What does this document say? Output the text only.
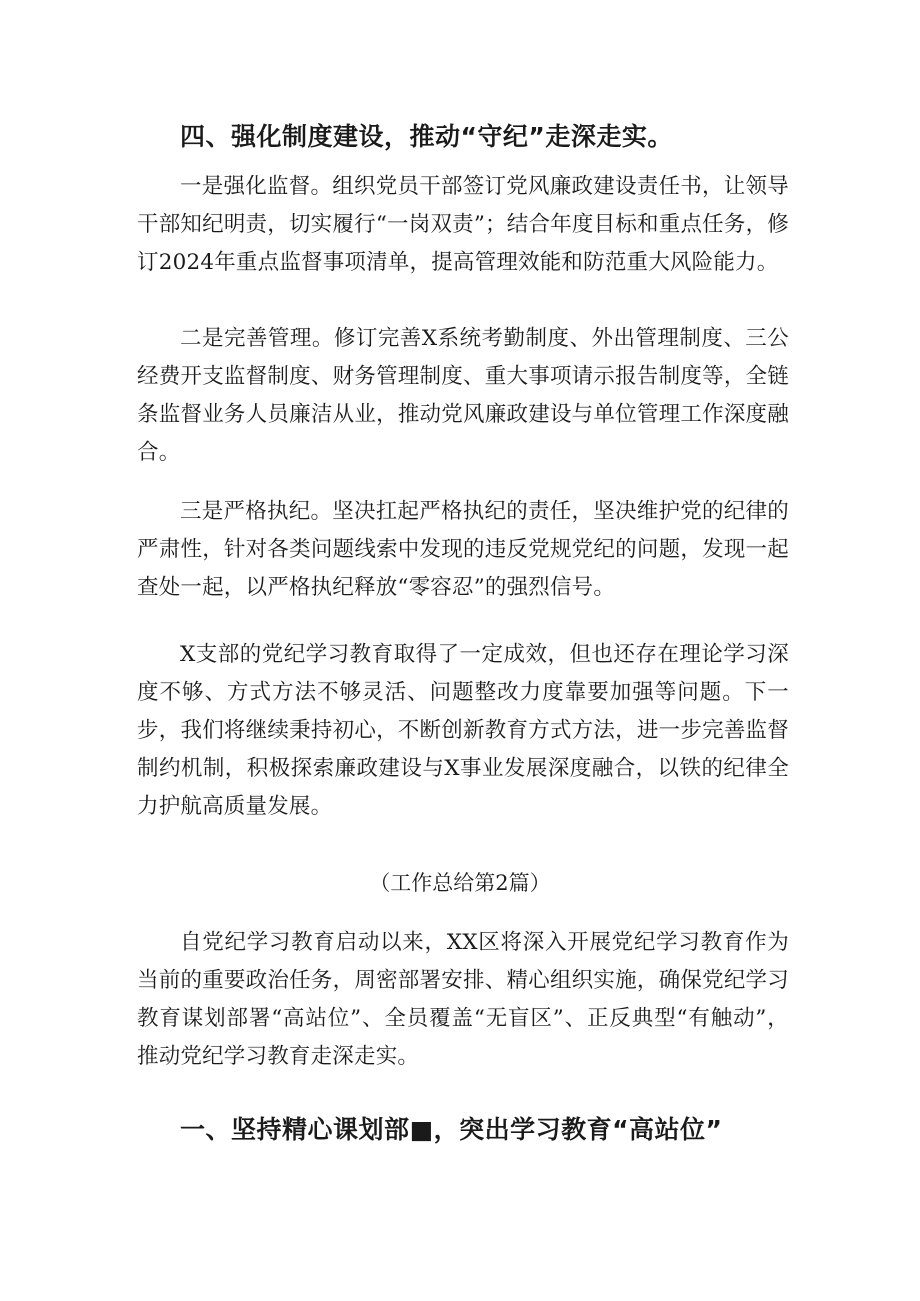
四、强化制度建设，推动“守纪”走深走实。

一是强化监督。组织党员干部签订党风廉政建设责任书，让领导干部知纪明责，切实履行“一岗双责”；结合年度目标和重点任务，修订2024年重点监督事项清单，提高管理效能和防范重大风险能力。

二是完善管理。修订完善X系统考勤制度、外出管理制度、三公经费开支监督制度、财务管理制度、重大事项请示报告制度等，全链条监督业务人员廉洁从业，推动党风廉政建设与单位管理工作深度融合。

三是严格执纪。坚决扛起严格执纪的责任，坚决维护党的纪律的严肃性，针对各类问题线索中发现的违反党规党纪的问题，发现一起查处一起，以严格执纪释放“零容忍”的强烈信号。

X支部的党纪学习教育取得了一定成效，但也还存在理论学习深度不够、方式方法不够灵活、问题整改力度靠要加强等问题。下一步，我们将继续秉持初心，不断创新教育方式方法，进一步完善监督制约机制，积极探索廉政建设与X事业发展深度融合，以铁的纪律全力护航高质量发展。

（工作总给第2篇）

自党纪学习教育启动以来，XX区将深入开展党纪学习教育作为当前的重要政治任务，周密部署安排、精心组织实施，确保党纪学习教育谋划部署“高站位”、全员覆盖“无盲区”、正反典型“有触动”，推动党纪学习教育走深走实。

一、坚持精心课划部■，突出学习教育“高站位”
